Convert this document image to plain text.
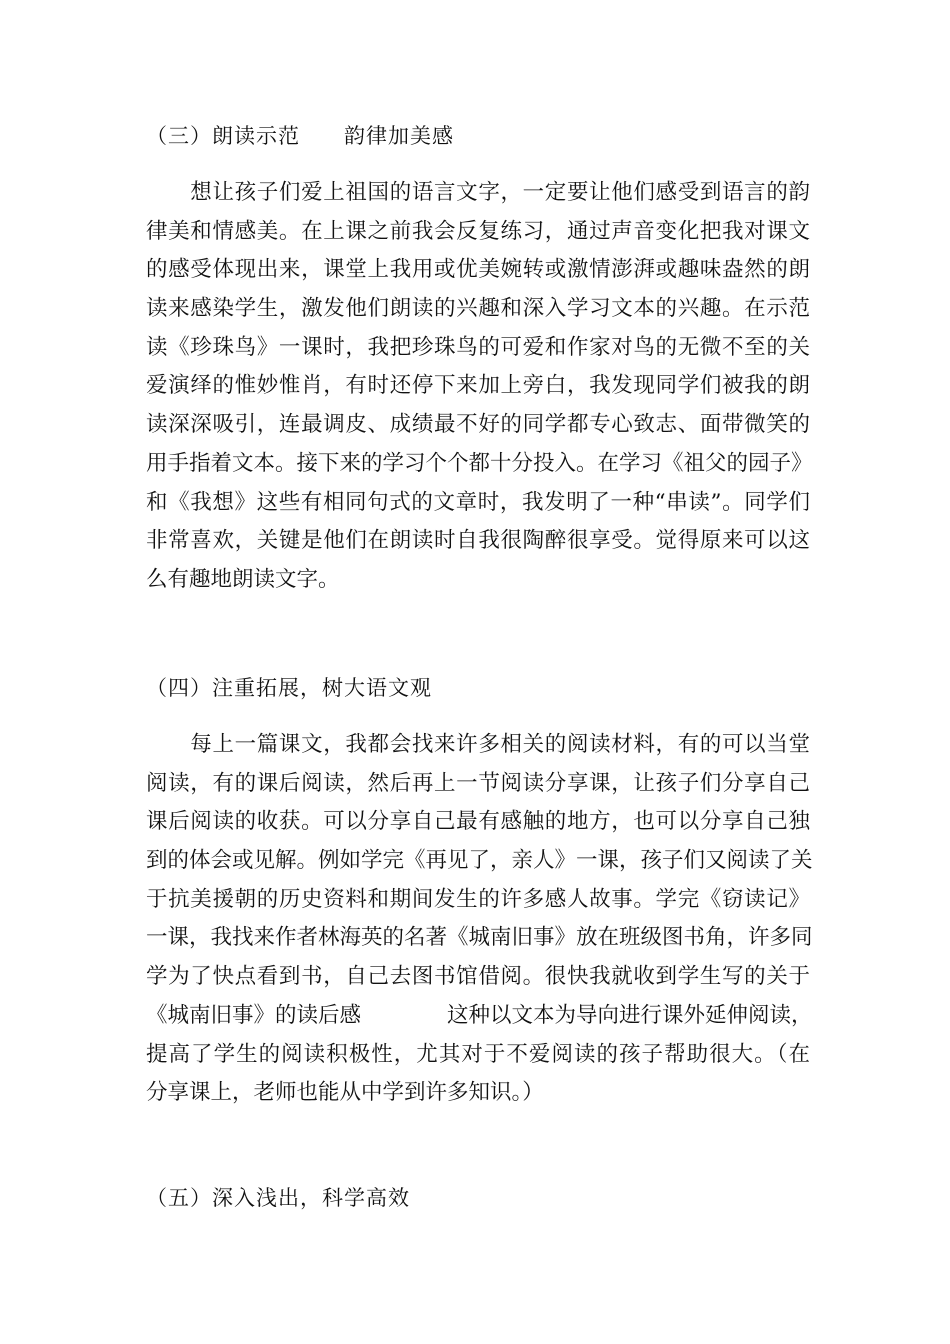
（三）朗读示范　　韵律加美感
　　想让孩子们爱上祖国的语言文字，一定要让他们感受到语言的韵
律美和情感美。在上课之前我会反复练习，通过声音变化把我对课文
的感受体现出来，课堂上我用或优美婉转或激情澎湃或趣味盎然的朗
读来感染学生，激发他们朗读的兴趣和深入学习文本的兴趣。在示范
读《珍珠鸟》一课时，我把珍珠鸟的可爱和作家对鸟的无微不至的关
爱演绎的惟妙惟肖，有时还停下来加上旁白，我发现同学们被我的朗
读深深吸引，连最调皮、成绩最不好的同学都专心致志、面带微笑的
用手指着文本。接下来的学习个个都十分投入。在学习《祖父的园子》
和《我想》这些有相同句式的文章时，我发明了一种“串读”。同学们
非常喜欢，关键是他们在朗读时自我很陶醉很享受。觉得原来可以这
么有趣地朗读文字。
（四）注重拓展，树大语文观
　　每上一篇课文，我都会找来许多相关的阅读材料，有的可以当堂
阅读，有的课后阅读，然后再上一节阅读分享课，让孩子们分享自己
课后阅读的收获。可以分享自己最有感触的地方，也可以分享自己独
到的体会或见解。例如学完《再见了，亲人》一课，孩子们又阅读了关
于抗美援朝的历史资料和期间发生的许多感人故事。学完《窃读记》
一课，我找来作者林海英的名著《城南旧事》放在班级图书角，许多同
学为了快点看到书，自己去图书馆借阅。很快我就收到学生写的关于
《城南旧事》的读后感　　　　这种以文本为导向进行课外延伸阅读，
提高了学生的阅读积极性，尤其对于不爱阅读的孩子帮助很大。（在
分享课上，老师也能从中学到许多知识。）
（五）深入浅出，科学高效
